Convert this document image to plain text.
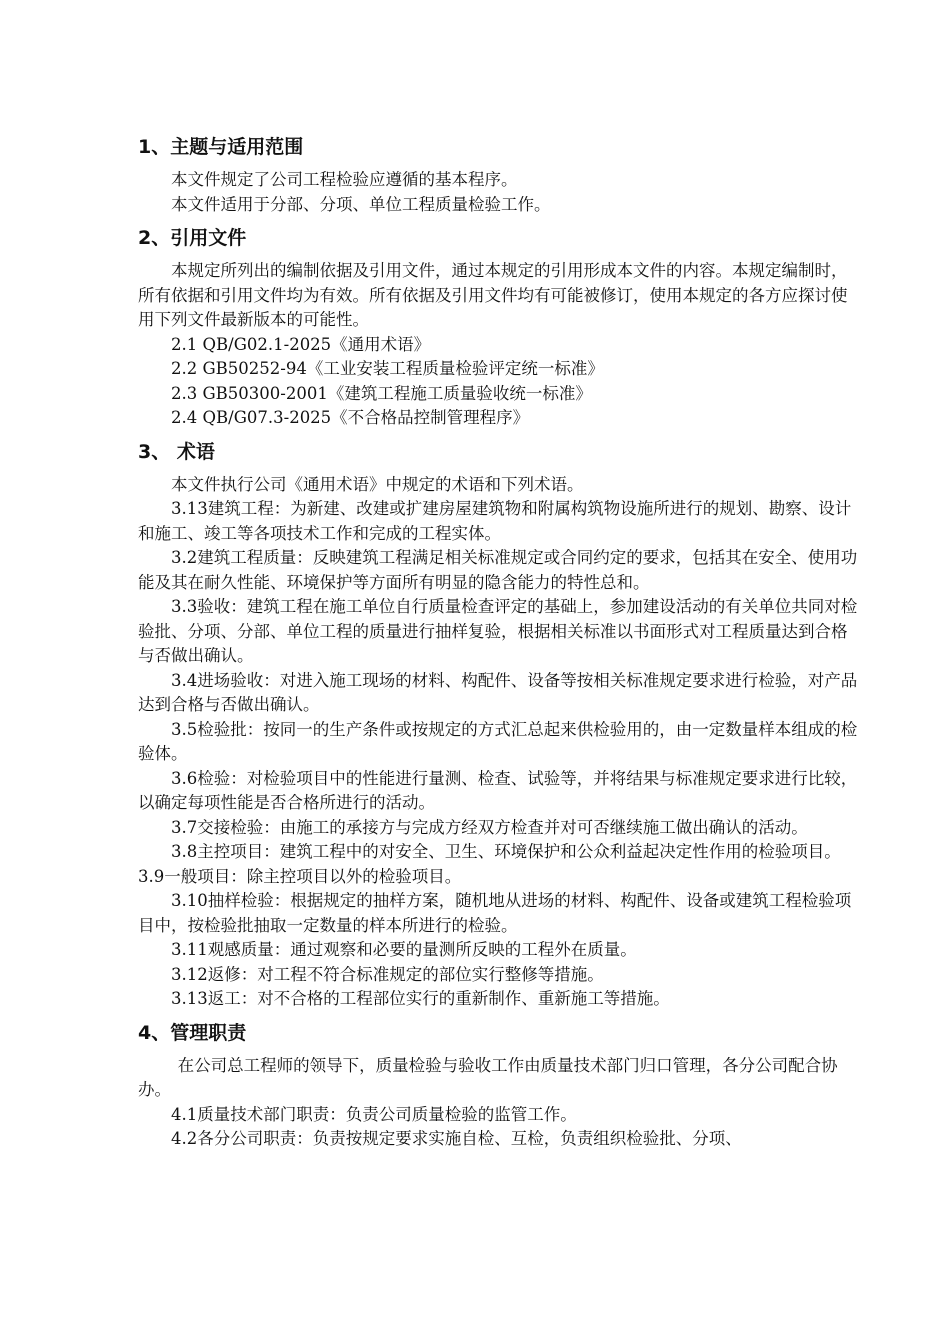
1、主题与适用范围

本文件规定了公司工程检验应遵循的基本程序。

本文件适用于分部、分项、单位工程质量检验工作。

2、引用文件

本规定所列出的编制依据及引用文件，通过本规定的引用形成本文件的内容。本规定编制时，所有依据和引用文件均为有效。所有依据及引用文件均有可能被修订，使用本规定的各方应探讨使用下列文件最新版本的可能性。

2.1 QB/G02.1-2025《通用术语》

2.2 GB50252-94《工业安装工程质量检验评定统一标准》

2.3 GB50300-2001《建筑工程施工质量验收统一标准》

2.4 QB/G07.3-2025《不合格品控制管理程序》

3、 术语

本文件执行公司《通用术语》中规定的术语和下列术语。

3.13建筑工程：为新建、改建或扩建房屋建筑物和附属构筑物设施所进行的规划、勘察、设计和施工、竣工等各项技术工作和完成的工程实体。

3.2建筑工程质量：反映建筑工程满足相关标准规定或合同约定的要求，包括其在安全、使用功能及其在耐久性能、环境保护等方面所有明显的隐含能力的特性总和。

3.3验收：建筑工程在施工单位自行质量检查评定的基础上，参加建设活动的有关单位共同对检验批、分项、分部、单位工程的质量进行抽样复验，根据相关标准以书面形式对工程质量达到合格与否做出确认。

3.4进场验收：对进入施工现场的材料、构配件、设备等按相关标准规定要求进行检验，对产品达到合格与否做出确认。

3.5检验批：按同一的生产条件或按规定的方式汇总起来供检验用的，由一定数量样本组成的检验体。

3.6检验：对检验项目中的性能进行量测、检查、试验等，并将结果与标准规定要求进行比较，以确定每项性能是否合格所进行的活动。

3.7交接检验：由施工的承接方与完成方经双方检查并对可否继续施工做出确认的活动。

3.8主控项目：建筑工程中的对安全、卫生、环境保护和公众利益起决定性作用的检验项目。

3.9一般项目：除主控项目以外的检验项目。

3.10抽样检验：根据规定的抽样方案，随机地从进场的材料、构配件、设备或建筑工程检验项目中，按检验批抽取一定数量的样本所进行的检验。

3.11观感质量：通过观察和必要的量测所反映的工程外在质量。

3.12返修：对工程不符合标准规定的部位实行整修等措施。

3.13返工：对不合格的工程部位实行的重新制作、重新施工等措施。

4、管理职责

在公司总工程师的领导下，质量检验与验收工作由质量技术部门归口管理，各分公司配合协办。

4.1质量技术部门职责：负责公司质量检验的监管工作。

4.2各分公司职责：负责按规定要求实施自检、互检，负责组织检验批、分项、
